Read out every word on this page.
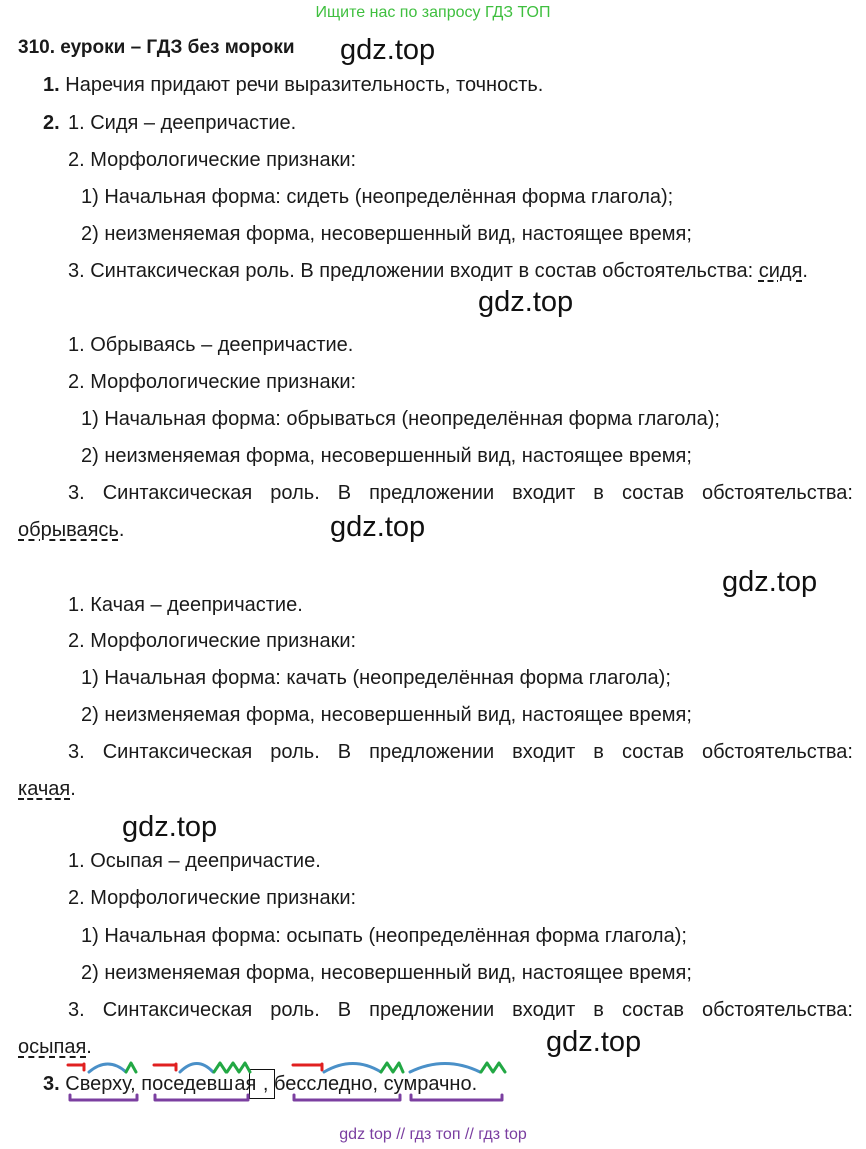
Ищите нас по запросу ГДЗ ТОП
310. еуроки – ГДЗ без мороки gdz.top
1. Наречия придают речи выразительность, точность.
2. 1. Сидя – деепричастие.
2. Морфологические признаки:
1) Начальная форма: сидеть (неопределённая форма глагола);
2) неизменяемая форма, несовершенный вид, настоящее время;
3. Синтаксическая роль. В предложении входит в состав обстоятельства: сидя.
gdz.top
1. Обрываясь – деепричастие.
2. Морфологические признаки:
1) Начальная форма: обрываться (неопределённая форма глагола);
2) неизменяемая форма, несовершенный вид, настоящее время;
3. Синтаксическая роль. В предложении входит в состав обстоятельства:
обрываясь.	gdz.top
gdz.top
1. Качая – деепричастие.
2. Морфологические признаки:
1) Начальная форма: качать (неопределённая форма глагола);
2) неизменяемая форма, несовершенный вид, настоящее время;
3. Синтаксическая роль. В предложении входит в состав обстоятельства:
качая.
gdz.top
1. Осыпая – деепричастие.
2. Морфологические признаки:
1) Начальная форма: осыпать (неопределённая форма глагола);
2) неизменяемая форма, несовершенный вид, настоящее время;
3. Синтаксическая роль. В предложении входит в состав обстоятельства:
осыпая.	gdz.top
3. Сверху, поседевшая , бесследно, сумрачно.
gdz top // гдз топ // гдз top
